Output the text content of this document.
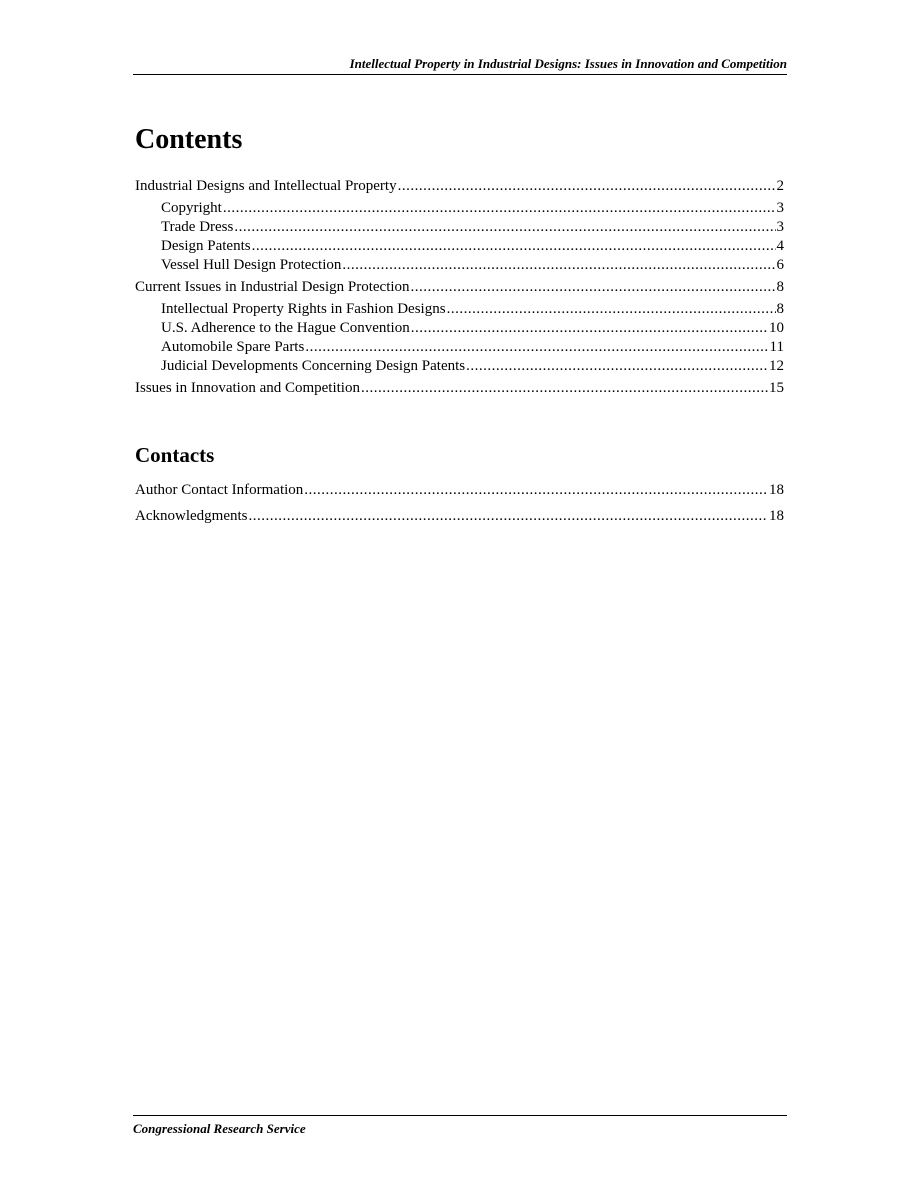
Intellectual Property in Industrial Designs: Issues in Innovation and Competition
Contents
Industrial Designs and Intellectual Property .....	2
Copyright .....	3
Trade Dress .....	3
Design Patents .....	4
Vessel Hull Design Protection .....	6
Current Issues in Industrial Design Protection .....	8
Intellectual Property Rights in Fashion Designs .....	8
U.S. Adherence to the Hague Convention .....	10
Automobile Spare Parts .....	11
Judicial Developments Concerning Design Patents .....	12
Issues in Innovation and Competition .....	15
Contacts
Author Contact Information .....	18
Acknowledgments .....	18
Congressional Research Service
